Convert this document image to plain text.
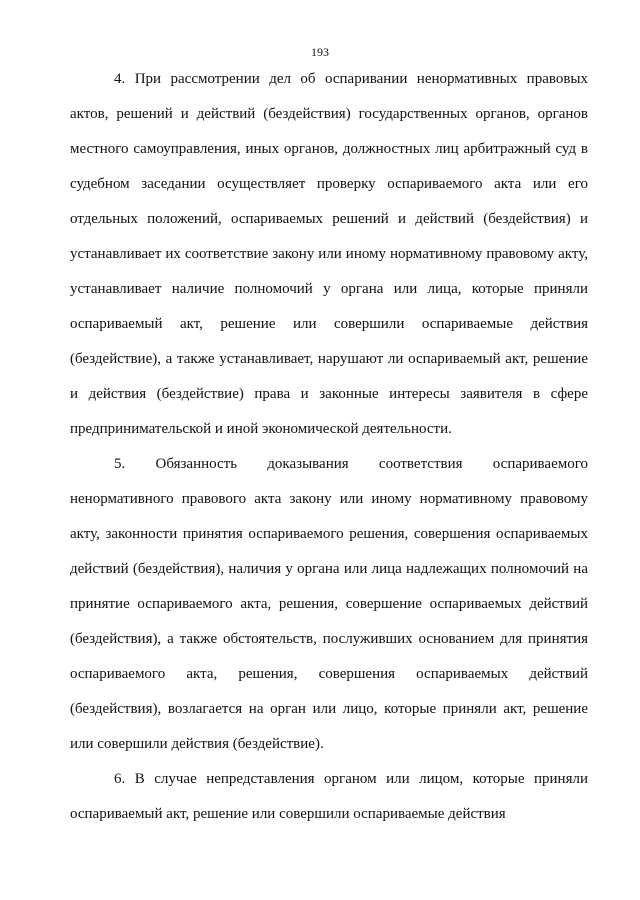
193

4. При рассмотрении дел об оспаривании ненормативных правовых актов, решений и действий (бездействия) государственных органов, органов местного самоуправления, иных органов, должностных лиц арбитражный суд в судебном заседании осуществляет проверку оспариваемого акта или его отдельных положений, оспариваемых решений и действий (бездействия) и устанавливает их соответствие закону или иному нормативному правовому акту, устанавливает наличие полномочий у органа или лица, которые приняли оспариваемый акт, решение или совершили оспариваемые действия (бездействие), а также устанавливает, нарушают ли оспариваемый акт, решение и действия (бездействие) права и законные интересы заявителя в сфере предпринимательской и иной экономической деятельности.

5. Обязанность доказывания соответствия оспариваемого ненормативного правового акта закону или иному нормативному правовому акту, законности принятия оспариваемого решения, совершения оспариваемых действий (бездействия), наличия у органа или лица надлежащих полномочий на принятие оспариваемого акта, решения, совершение оспариваемых действий (бездействия), а также обстоятельств, послуживших основанием для принятия оспариваемого акта, решения, совершения оспариваемых действий (бездействия), возлагается на орган или лицо, которые приняли акт, решение или совершили действия (бездействие).

6. В случае непредставления органом или лицом, которые приняли оспариваемый акт, решение или совершили оспариваемые действия
